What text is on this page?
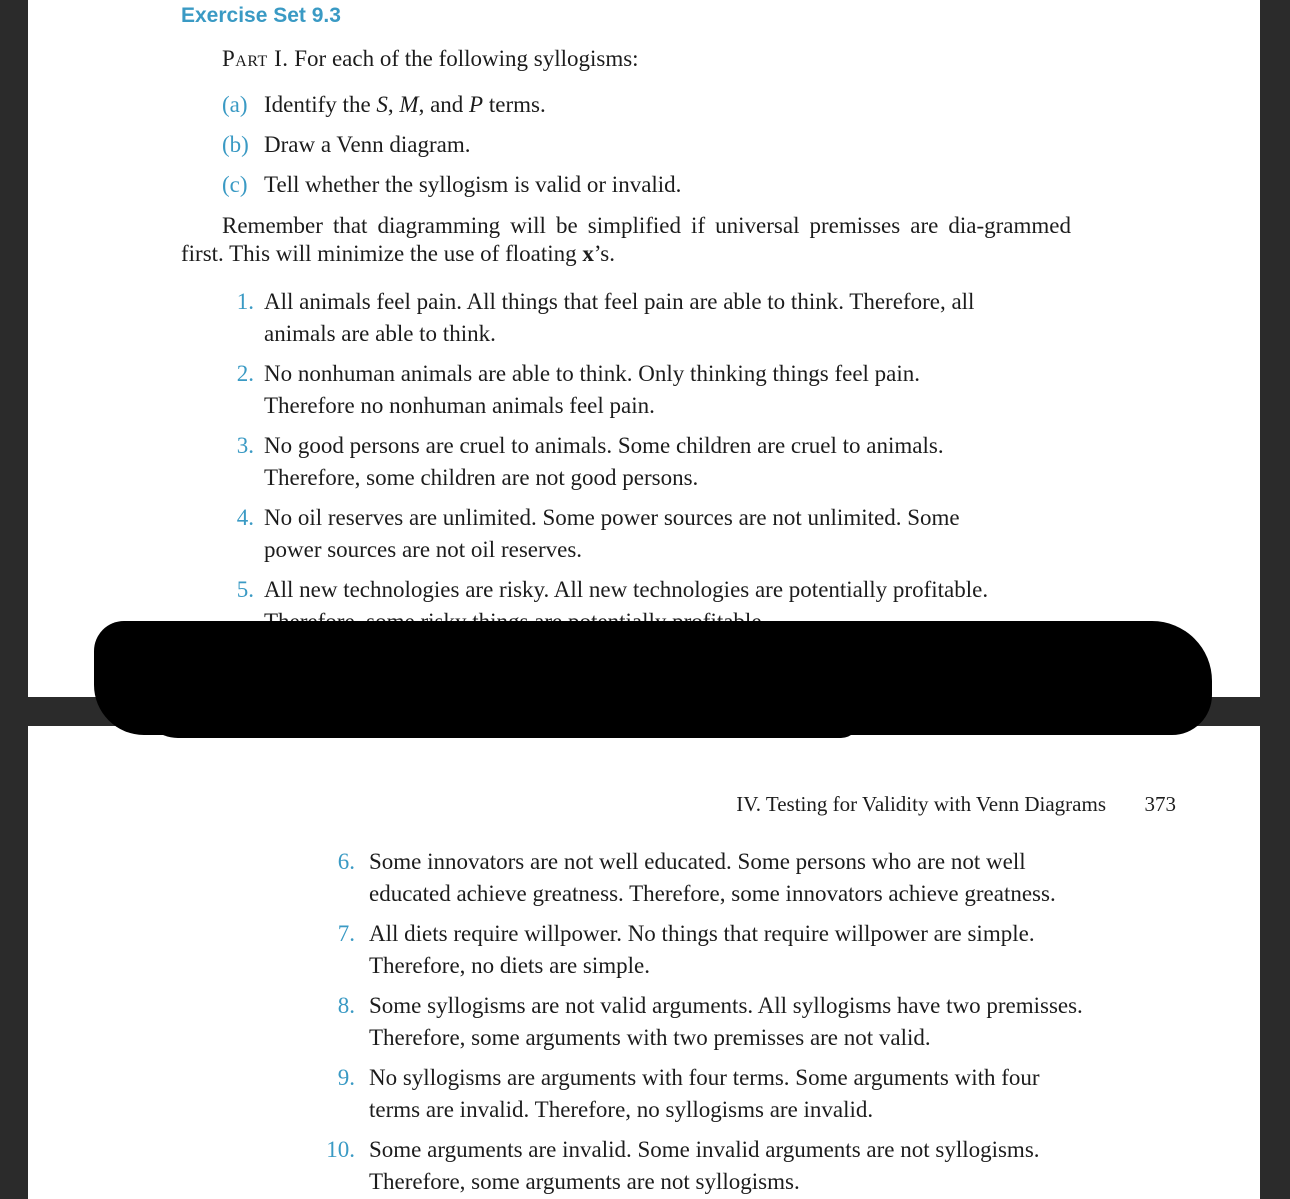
Exercise Set 9.3
Part I. For each of the following syllogisms:
(a) Identify the S, M, and P terms.
(b) Draw a Venn diagram.
(c) Tell whether the syllogism is valid or invalid.

Remember that diagramming will be simplified if universal premisses are dia-grammed first. This will minimize the use of floating x’s.

1. All animals feel pain. All things that feel pain are able to think. Therefore, all
animals are able to think.
2. No nonhuman animals are able to think. Only thinking things feel pain.
Therefore no nonhuman animals feel pain.
3. No good persons are cruel to animals. Some children are cruel to animals.
Therefore, some children are not good persons.
4. No oil reserves are unlimited. Some power sources are not unlimited. Some
power sources are not oil reserves.
5. All new technologies are risky. All new technologies are potentially profitable.
IV. Testing for Validity with Venn Diagrams 373
6. Some innovators are not well educated. Some persons who are not well
educated achieve greatness. Therefore, some innovators achieve greatness.
7. All diets require willpower. No things that require willpower are simple.
Therefore, no diets are simple.
8. Some syllogisms are not valid arguments. All syllogisms have two premisses.
Therefore, some arguments with two premisses are not valid.
9. No syllogisms are arguments with four terms. Some arguments with four
terms are invalid. Therefore, no syllogisms are invalid.
10. Some arguments are invalid. Some invalid arguments are not syllogisms.
Therefore, some arguments are not syllogisms.
